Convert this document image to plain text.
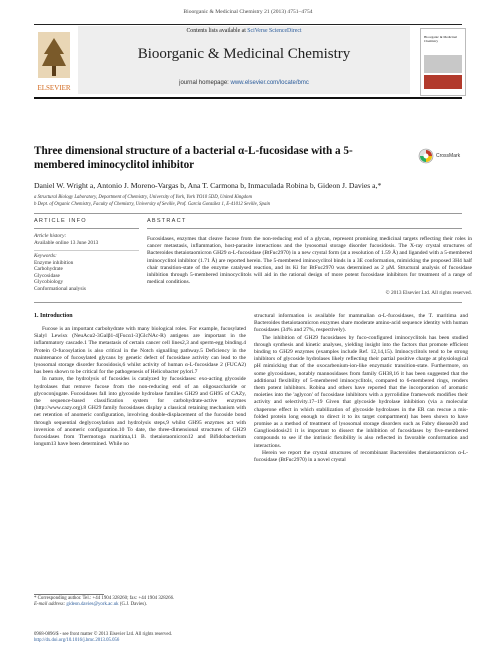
Bioorganic & Medicinal Chemistry 21 (2013) 4751–4754
ELSEVIER
Contents lists available at SciVerse ScienceDirect
Bioorganic & Medicinal Chemistry
journal homepage: www.elsevier.com/locate/bmc
Bioorganic & Medicinal Chemistry
Three dimensional structure of a bacterial α-L-fucosidase with a 5-membered iminocyclitol inhibitor
CrossMark
Daniel W. Wright a, Antonio J. Moreno-Vargas b, Ana T. Carmona b, Inmaculada Robina b, Gideon J. Davies a,*
a Structural Biology Laboratory, Department of Chemistry, University of York, York YO10 5DD, United Kingdom
b Dept. of Organic Chemistry, Faculty of Chemistry, University of Seville, Prof. García González 1, E-41012 Seville, Spain
ARTICLE INFO	ABSTRACT
Article history:
Available online 13 June 2013
Keywords:
Enzyme inhibition
Carbohydrate
Glycosidase
Glycobiology
Conformational analysis
Fucosidases, enzymes that cleave fucose from the non-reducing end of a glycan, represent promising medicinal targets reflecting their roles in cancer metastasis, inflammation, host-parasite interactions and the lysosomal storage disorder fucosidosis. The X-ray crystal structures of Bacteroides thetaiotaomicron GH29 α-L-fucosidase (BtFuc2970) in a new crystal form (at a resolution of 1.59 Å) and liganded with a 5-membered iminocyclitol inhibitor (1.71 Å) are reported herein. The 5-membered iminocyclitol binds in a 3E conformation, mimicking the proposed 3H4 half chair transition-state of the enzyme catalysed reaction, and its Ki for BtFuc2970 was determined as 2 μM. Structural analysis of fucosidase inhibition through 5-membered iminocyclitols will aid in the rational design of more potent fucosidase inhibitors for treatment of a range of medical conditions.
© 2013 Elsevier Ltd. All rights reserved.
1. Introduction

Fucose is an important carbohydrate with many biological roles. For example, fucosylated Sialyl Lewisx (NeuAcα2-3Galβ1-4[Fucα1-3]GlcNAc-R) antigens are important in the inflammatory cascade.1 The metastasis of certain cancer cell lines2,3 and sperm-egg binding.4 Protein O-fucosylation is also critical in the Notch signalling pathway.5 Deficiency in the maintenance of fucosylated glycans by genetic defect of fucosidase activity can lead to the lysosomal storage disorder fucosidosis,6 whilst activity of human α-L-fucosidase 2 (FUCA2) has been shown to be critical for the pathogenesis of Helicobacter pylori.7

In nature, the hydrolysis of fucosides is catalyzed by fucosidases: exo-acting glycoside hydrolases that remove fucose from the non-reducing end of an oligosaccharide or glycoconjugate. Fucosidases fall into glycoside hydrolase families GH29 and GH95 of CAZy, the sequence-based classification system for carbohydrate-active enzymes (http://www.cazy.org).8 GH29 family fucosidases display a classical retaining mechanism with net retention of anomeric configuration, involving double-displacement of the fucoside bond through sequential deglycosylation and hydrolysis steps,9 whilst GH95 enzymes act with inversion of anomeric configuration.10 To date, the three-dimensional structures of GH29 fucosidases from Thermotoga maritima,11 B. thetaiotaomicron12 and Bifidobacterium longum13 have been determined. While no

structural information is available for mammalian α-L-fucosidases, the T. maritima and Bacteroides thetaiotaomicron enzymes share moderate amino-acid sequence identity with human fucosidases (34% and 27%, respectively).

The inhibition of GH29 fucosidases by fuco-configured iminocyclitols has been studied through synthesis and kinetic analyses, yielding insight into the factors that promote efficient binding to GH29 enzymes (examples include Ref. 12,14,15). Iminocyclitols tend to be strong inhibitors of glycoside hydrolases likely reflecting their partial positive charge at physiological pH mimicking that of the oxocarbenium-ion-like enzymatic transition-state. Furthermore, on some glycosidases, notably mannosidases from family GH38,16 it has been suggested that the additional flexibility of 5-membered iminocyclitols, compared to 6-membered rings, renders them potent inhibitors. Robina and others have reported that the incorporation of aromatic moieties into the 'aglycon' of fucosidase inhibitors with a pyrrolidine framework modifies their activity and selectivity.17–19 Given that glycoside hydrolase inhibition (via a molecular chaperone effect in which stabilization of glycoside hydrolases in the ER can rescue a mis-folded protein long enough to direct it to its target compartment) has been shown to have promise as a method of treatment of lysosomal storage disorders such as Fabry disease20 and Gangliosidosis21 it is important to dissect the inhibition of fucosidases by five-membered compounds to see if the intrinsic flexibility is also reflected in favorable conformation and interactions.

Herein we report the crystal structures of recombinant Bacteroides thetaiotaomicron α-L-fucosidase (BtFuc2970) in a novel crystal

* Corresponding author. Tel.: +44 1904 328260; fax: +44 1904 328266.
E-mail address: gideon.davies@york.ac.uk (G.J. Davies).
0968-0896/$ - see front matter © 2013 Elsevier Ltd. All rights reserved.
http://dx.doi.org/10.1016/j.bmc.2013.05.056
